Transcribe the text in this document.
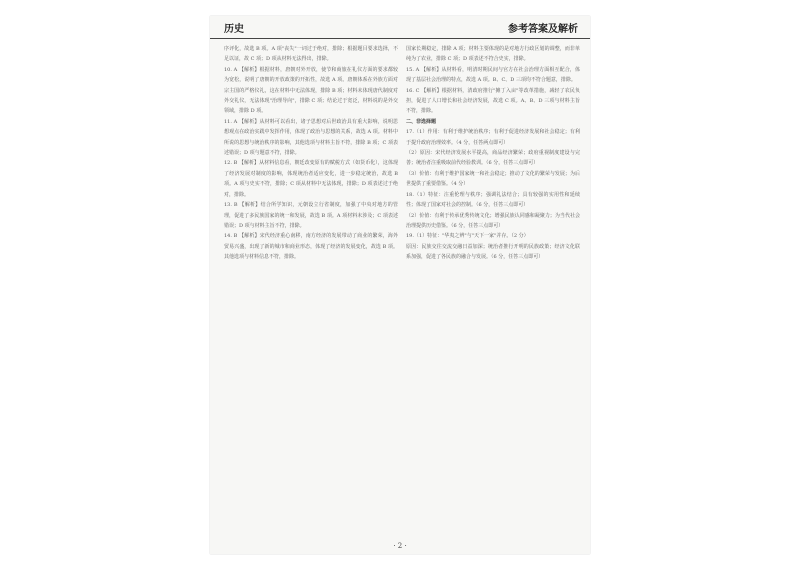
历史	参考答案及解析

序评化，故选 B 项。A 项"丧失"一词过于绝对，排除；根据题目要求选择，不足以证，故 C 项；D 项从材料无法得出，排除。

10. A 【解析】根据材料，唐朝对外开放，使节和商旅在礼仪方面的要求都较为宽松，说明了唐朝的开放政策的开拓性，故选 A 项。唐朝体系在外族方面对宗主国的严格仪礼，这在材料中无法体现，排除 B 项；材料未体现唐代制度对外交礼仪，无法体现"治理导向"，排除 C 项；结论过于宽泛，材料说的是外交领域，排除 D 项。

11. A 【解析】从材料可以看出，诸子思想对后世政治具有重大影响，说明思想观点在政治实践中发挥作用，体现了政治与思想的关系，故选 A 项。材料中所说的思想与统治秩序的影响，其他选项与材料主旨不符，排除 B 项；C 项表述错误；D 项与题意不符，排除。

12. B 【解析】从材料信息看，朝廷改变原有的赋税方式（如货币化），这体现了经济发展对制度的影响，体现统治者适应变化，进一步稳定统治，故选 B 项。A 项与史实不符，排除；C 项从材料中无法体现，排除；D 项表述过于绝对，排除。

13. B 【解析】结合所学知识，元朝设立行省制度，加强了中央对地方的管理，促进了多民族国家的统一和发展，故选 B 项。A 项材料未涉及；C 项表述错误；D 项与材料主旨不符，排除。

14. B 【解析】宋代经济重心南移，南方经济的发展带动了商业的繁荣，海外贸易兴盛，出现了新的城市和商业形态，体现了经济的发展变化，故选 B 项。其他选项与材料信息不符，排除。

国家长期稳定，排除 A 项；材料主要体现的是对地方行政区划的调整，而非单纯为了农业，排除 C 项；D 项表述不符合史实，排除。

15. A 【解析】从材料看，明清时期民间与官方在社会治理方面相互配合，体现了基层社会治理的特点，故选 A 项。B、C、D 三项均不符合题意，排除。

16. C 【解析】根据材料，清政府推行"摊丁入亩"等改革措施，减轻了农民负担，促进了人口增长和社会经济发展，故选 C 项。A、B、D 三项与材料主旨不符，排除。

二、非选择题

17.（1）作用：有利于维护统治秩序；有利于促进经济发展和社会稳定；有利于提升政府治理效率。（4 分，任答两点即可）

（2）原因：宋代经济发展水平提高，商品经济繁荣；政府重视制度建设与完善；统治者注重吸取前代经验教训。（6 分，任答三点即可）

（3）价值：有利于维护国家统一和社会稳定；推动了文化的繁荣与发展；为后世提供了重要借鉴。（4 分）

18.（1）特征：注重伦理与秩序；强调礼法结合；具有较强的实用性和延续性；体现了国家对社会的控制。（6 分，任答三点即可）

（2）价值：有利于传承优秀传统文化；增强民族认同感和凝聚力；为当代社会治理提供历史借鉴。（6 分，任答三点即可）

19.（1）特征："华夷之辨"与"天下一家"并存。（2 分）

原因：民族交往交流交融日益加深；统治者推行开明的民族政策；经济文化联系加强，促进了各民族的融合与发展。（6 分，任答三点即可）

· 2 ·
